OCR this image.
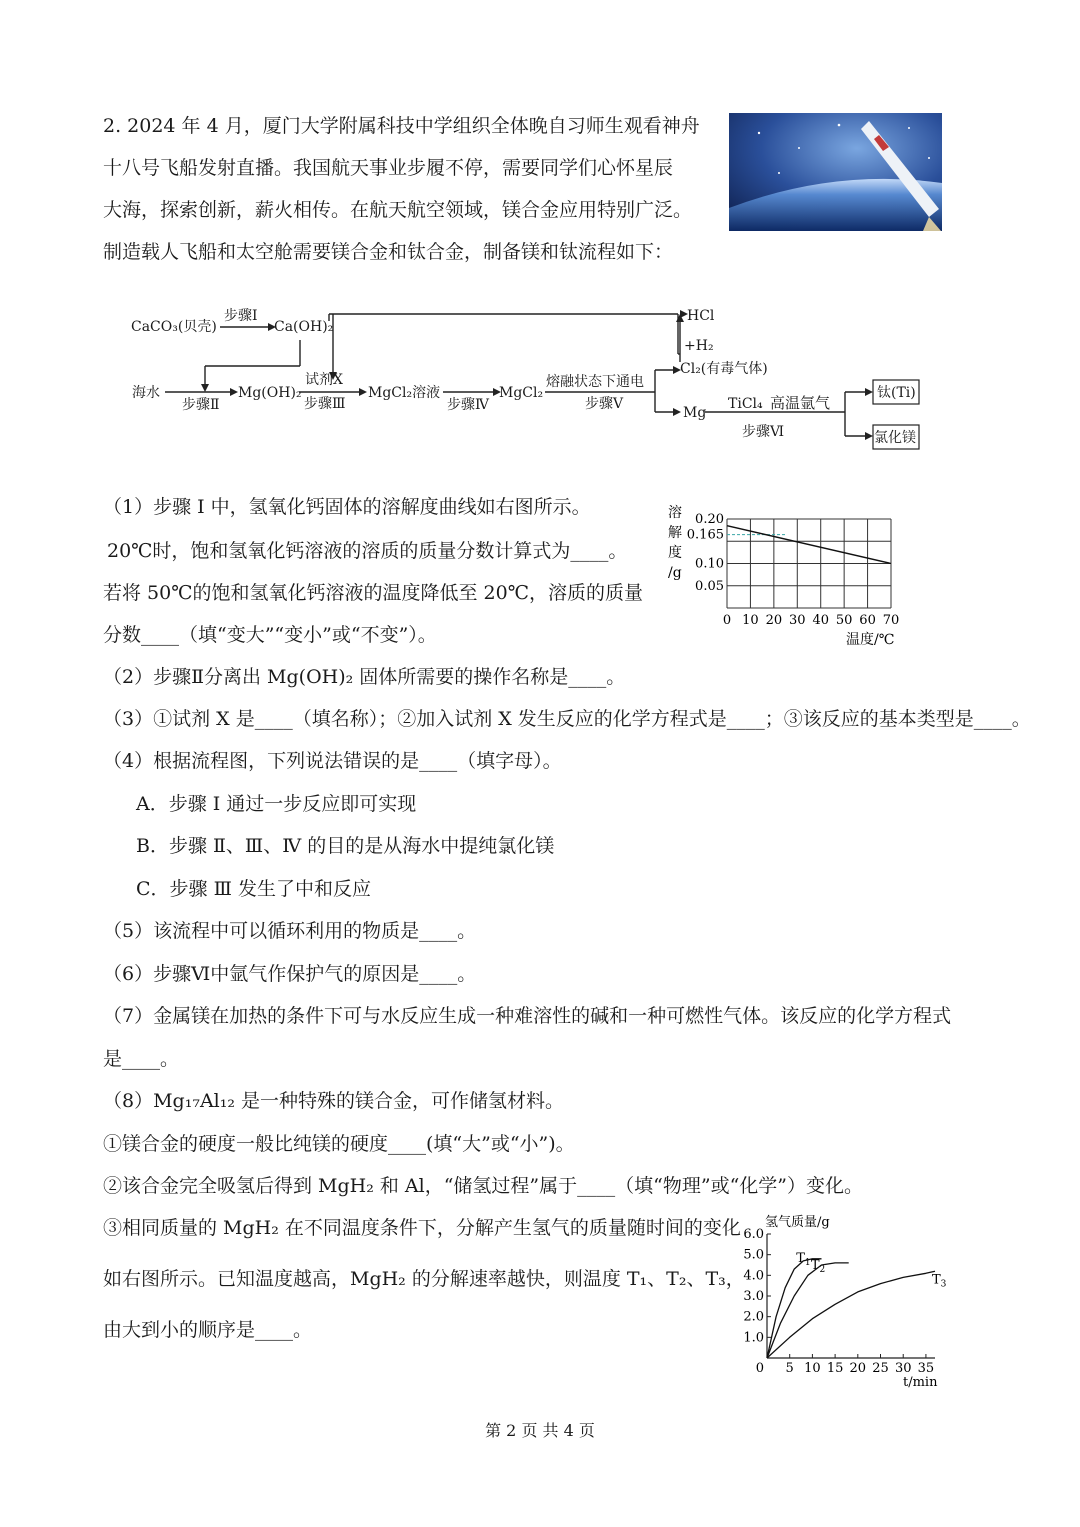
2. 2024 年 4 月，厦门大学附属科技中学组织全体晚自习师生观看神舟
十八号飞船发射直播。我国航天事业步履不停，需要同学们心怀星辰
大海，探索创新，薪火相传。在航天航空领域，镁合金应用特别广泛。
制造载人飞船和太空舱需要镁合金和钛合金，制备镁和钛流程如下：
CaCO₃(贝壳)
步骤Ⅰ
Ca(OH)₂
HCl
+H₂
Cl₂(有毒气体)
海水
步骤Ⅱ
Mg(OH)₂
试剂X
步骤Ⅲ
MgCl₂溶液
步骤Ⅳ
MgCl₂
熔融状态下通电
步骤Ⅴ
Mg
TiCl₄ 高温氩气
步骤Ⅵ
钛(Ti)
氯化镁
（1）步骤 Ⅰ 中，氢氧化钙固体的溶解度曲线如右图所示。
20℃时，饱和氢氧化钙溶液的溶质的质量分数计算式为____。
若将 50℃的饱和氢氧化钙溶液的温度降低至 20℃，溶质的质量
分数____（填“变大”“变小”或“不变”）。
溶
解
度
/g
0 10 20 30 40 50 60 70
0.05
0.10
0.165
0.20
温度/℃
（2）步骤Ⅱ分离出 Mg(OH)₂ 固体所需要的操作名称是____。
（3）①试剂 X 是____（填名称）；②加入试剂 X 发生反应的化学方程式是____；③该反应的基本类型是____。
（4）根据流程图，下列说法错误的是____（填字母）。
A．步骤 Ⅰ 通过一步反应即可实现
B．步骤 Ⅱ、Ⅲ、Ⅳ 的目的是从海水中提纯氯化镁
C．步骤 Ⅲ 发生了中和反应
（5）该流程中可以循环利用的物质是____。
（6）步骤Ⅵ中氩气作保护气的原因是____。
（7）金属镁在加热的条件下可与水反应生成一种难溶性的碱和一种可燃性气体。该反应的化学方程式
是____。
（8）Mg₁₇Al₁₂ 是一种特殊的镁合金，可作储氢材料。
①镁合金的硬度一般比纯镁的硬度____(填“大”或“小”)。
②该合金完全吸氢后得到 MgH₂ 和 Al，“储氢过程”属于____（填“物理”或“化学”）变化。
③相同质量的 MgH₂ 在不同温度条件下，分解产生氢气的质量随时间的变化
如右图所示。已知温度越高，MgH₂ 的分解速率越快，则温度 T₁、T₂、T₃，
由大到小的顺序是____。
氢气质量/g
0
1.0
2.0
3.0
4.0
5.0
6.0
5 10 15 20 25 30 35
$T_1$ $T_2$
$T_3$
t/min
第 2 页 共 4 页
